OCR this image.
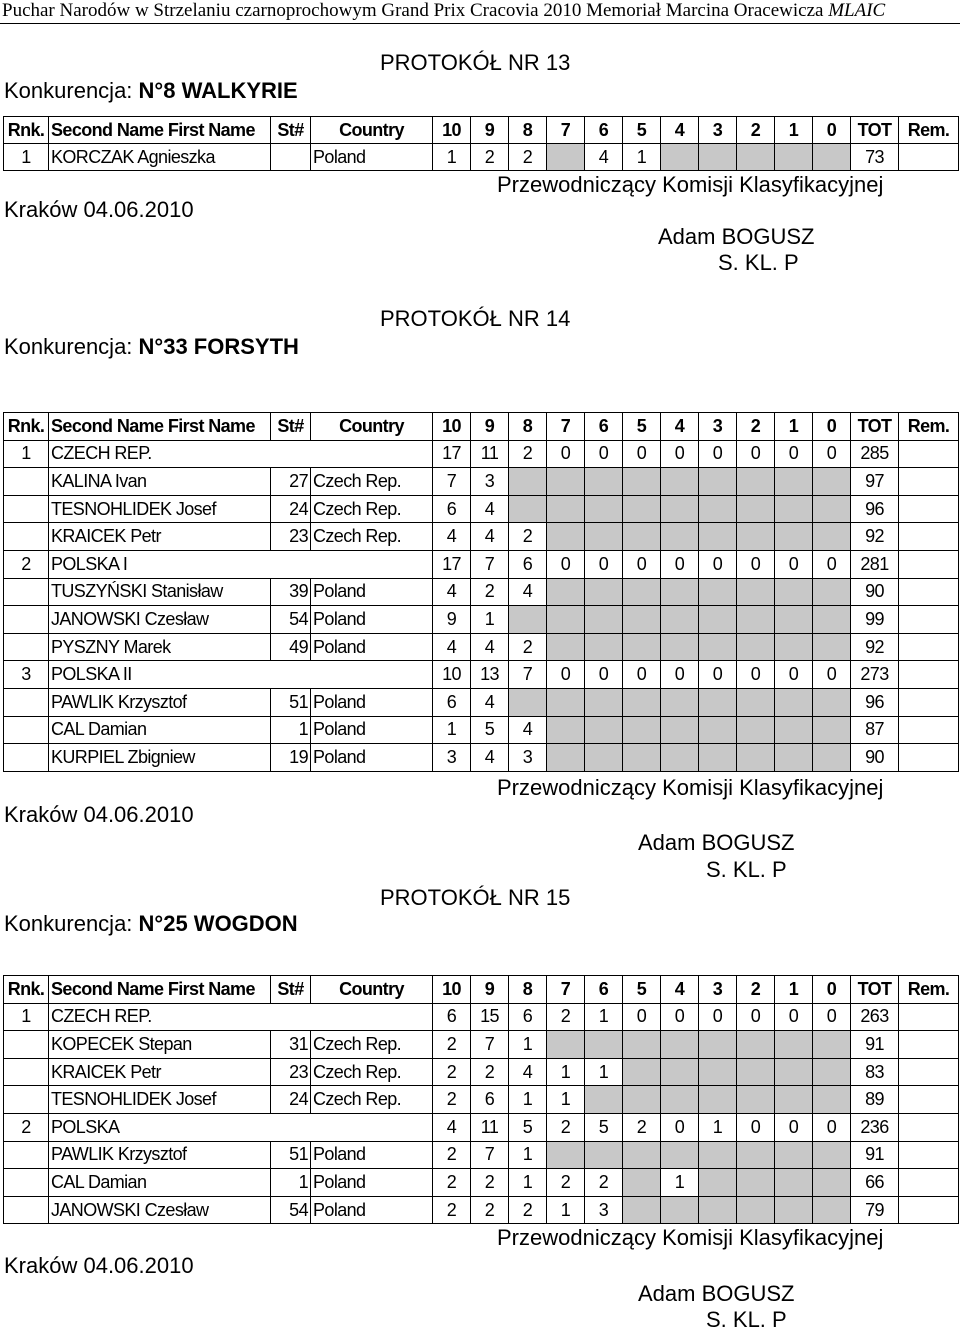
Puchar Narodów w Strzelaniu czarnoprochowym Grand Prix Cracovia 2010 Memoriał Marcina Oracewicza MLAIC
PROTOKÓŁ NR 13
Konkurencja: N°8 WALKYRIE
Rnk.	Second Name First Name	St#	Country	10	9	8	7	6	5	4	3	2	1	0	TOT	Rem.
1	KORCZAK Agnieszka		Poland	1	2	2		4	1						73	
Przewodniczący Komisji Klasyfikacyjnej
Kraków 04.06.2010
Adam BOGUSZ
S. KL. P
PROTOKÓŁ NR 14
Konkurencja: N°33 FORSYTH
Rnk.	Second Name First Name	St#	Country	10	9	8	7	6	5	4	3	2	1	0	TOT	Rem.
1	CZECH REP.			17	11	2	0	0	0	0	0	0	0	0	285	
	KALINA Ivan	27	Czech Rep.	7	3										97	
	TESNOHLIDEK Josef	24	Czech Rep.	6	4										96	
	KRAICEK Petr	23	Czech Rep.	4	4	2									92	
2	POLSKA I			17	7	6	0	0	0	0	0	0	0	0	281	
	TUSZYŃSKI Stanisław	39	Poland	4	2	4									90	
	JANOWSKI Czesław	54	Poland	9	1										99	
	PYSZNY Marek	49	Poland	4	4	2									92	
3	POLSKA II			10	13	7	0	0	0	0	0	0	0	0	273	
	PAWLIK Krzysztof	51	Poland	6	4										96	
	CAL Damian	1	Poland	1	5	4									87	
	KURPIEL Zbigniew	19	Poland	3	4	3									90	
Przewodniczący Komisji Klasyfikacyjnej
Kraków 04.06.2010
Adam BOGUSZ
S. KL. P
PROTOKÓŁ NR 15
Konkurencja: N°25 WOGDON
Rnk.	Second Name First Name	St#	Country	10	9	8	7	6	5	4	3	2	1	0	TOT	Rem.
1	CZECH REP.			6	15	6	2	1	0	0	0	0	0	0	263	
	KOPECEK Stepan	31	Czech Rep.	2	7	1									91	
	KRAICEK Petr	23	Czech Rep.	2	2	4	1	1							83	
	TESNOHLIDEK Josef	24	Czech Rep.	2	6	1	1								89	
2	POLSKA			4	11	5	2	5	2	0	1	0	0	0	236	
	PAWLIK Krzysztof	51	Poland	2	7	1									91	
	CAL Damian	1	Poland	2	2	1	2	2		1					66	
	JANOWSKI Czesław	54	Poland	2	2	2	1	3							79	
Przewodniczący Komisji Klasyfikacyjnej
Kraków 04.06.2010
Adam BOGUSZ
S. KL. P
